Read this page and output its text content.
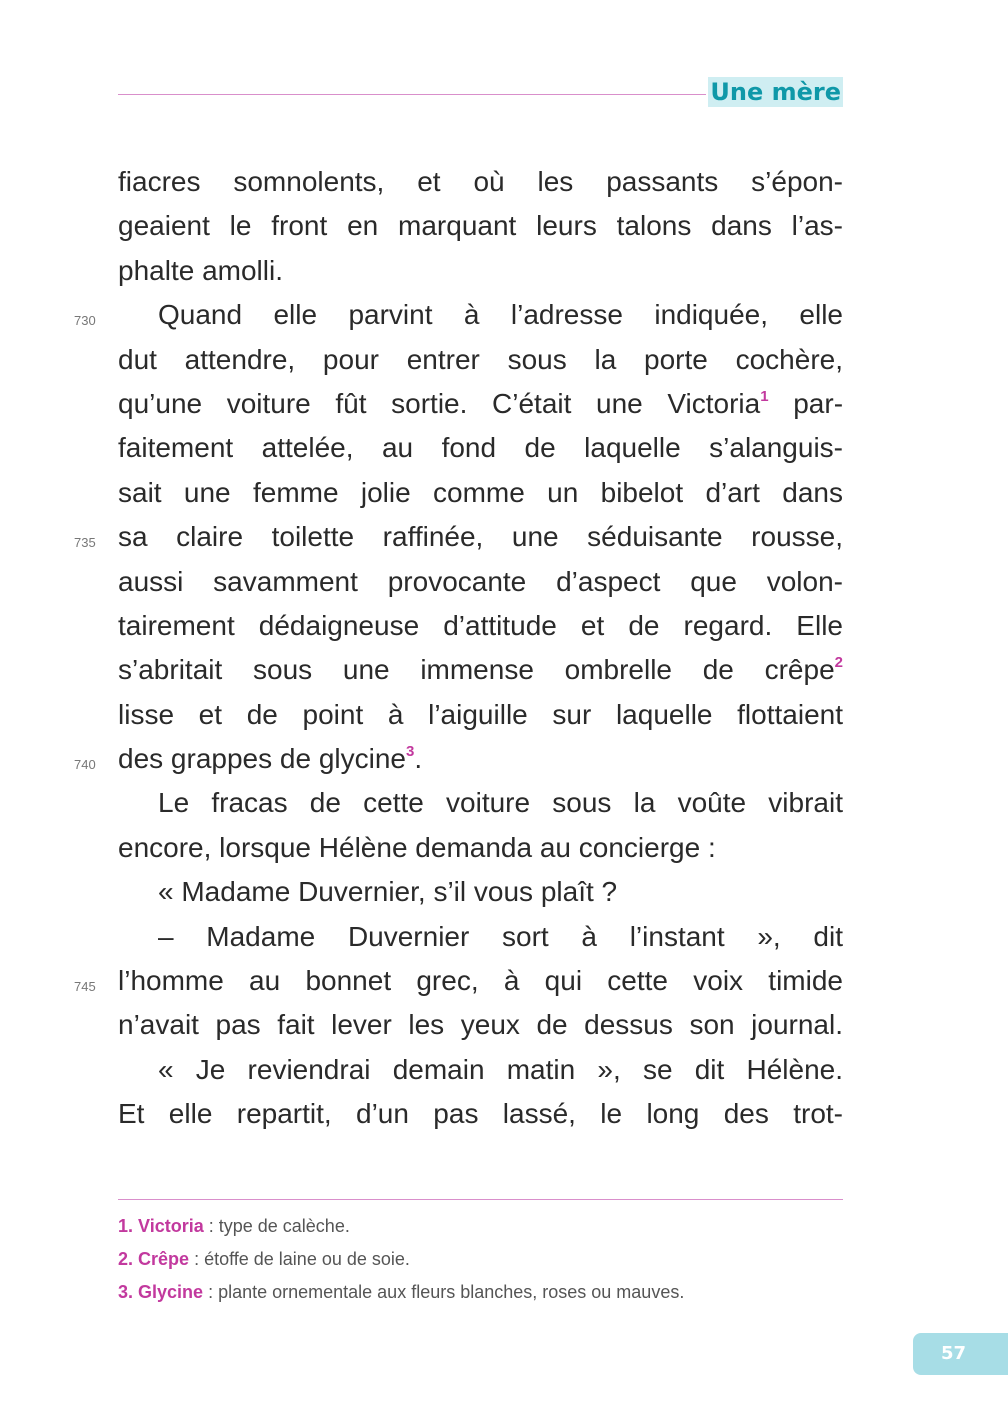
Une mère
730
735
740
745
fiacres somnolents, et où les passants s’épon-
geaient le front en marquant leurs talons dans l’as-
phalte amolli.
Quand elle parvint à l’adresse indiquée, elle
dut attendre, pour entrer sous la porte cochère,
qu’une voiture fût sortie. C’était une Victoria$^1$ par-
faitement attelée, au fond de laquelle s’alanguis-
sait une femme jolie comme un bibelot d’art dans
sa claire toilette raffinée, une séduisante rousse,
aussi savamment provocante d’aspect que volon-
tairement dédaigneuse d’attitude et de regard. Elle
s’abritait sous une immense ombrelle de crêpe$^2$
lisse et de point à l’aiguille sur laquelle flottaient
des grappes de glycine$^3$.
Le fracas de cette voiture sous la voûte vibrait
encore, lorsque Hélène demanda au concierge :
« Madame Duvernier, s’il vous plaît ?
– Madame Duvernier sort à l’instant », dit
l’homme au bonnet grec, à qui cette voix timide
n’avait pas fait lever les yeux de dessus son journal.
« Je reviendrai demain matin », se dit Hélène.
Et elle repartit, d’un pas lassé, le long des trot-
1. Victoria : type de calèche.
2. Crêpe : étoffe de laine ou de soie.
3. Glycine : plante ornementale aux fleurs blanches, roses ou mauves.
57
